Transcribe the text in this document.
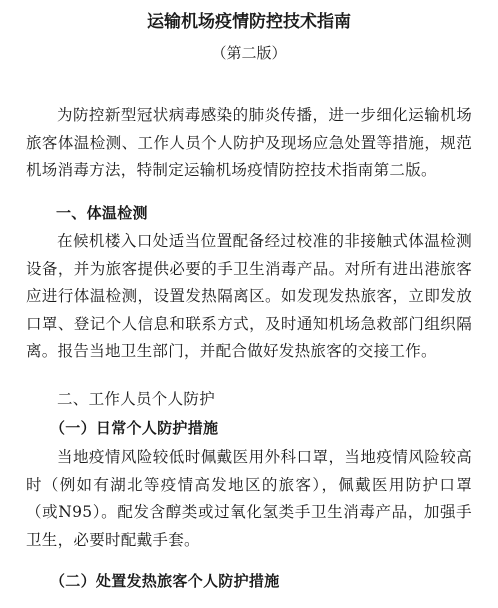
运输机场疫情防控技术指南
（第二版）
为防控新型冠状病毒感染的肺炎传播，进一步细化运输机场旅客体温检测、工作人员个人防护及现场应急处置等措施，规范机场消毒方法，特制定运输机场疫情防控技术指南第二版。
一、体温检测
在候机楼入口处适当位置配备经过校准的非接触式体温检测设备，并为旅客提供必要的手卫生消毒产品。对所有进出港旅客应进行体温检测，设置发热隔离区。如发现发热旅客，立即发放口罩、登记个人信息和联系方式，及时通知机场急救部门组织隔离。报告当地卫生部门，并配合做好发热旅客的交接工作。
二、工作人员个人防护
（一）日常个人防护措施
当地疫情风险较低时佩戴医用外科口罩，当地疫情风险较高时（例如有湖北等疫情高发地区的旅客），佩戴医用防护口罩（或N95）。配发含醇类或过氧化氢类手卫生消毒产品，加强手卫生，必要时配戴手套。
（二）处置发热旅客个人防护措施
